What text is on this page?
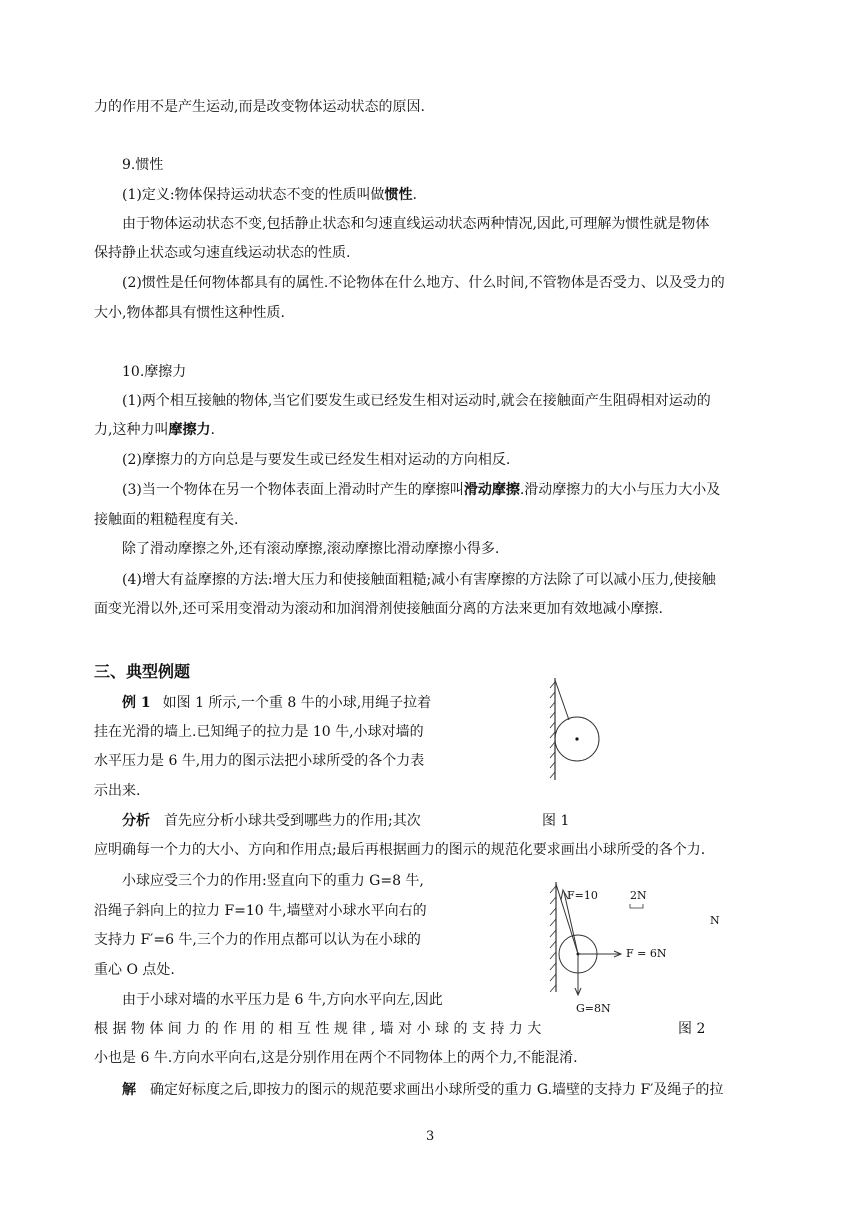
力的作用不是产生运动,而是改变物体运动状态的原因.
9.惯性
(1)定义:物体保持运动状态不变的性质叫做惯性.
由于物体运动状态不变,包括静止状态和匀速直线运动状态两种情况,因此,可理解为惯性就是物体
保持静止状态或匀速直线运动状态的性质.
(2)惯性是任何物体都具有的属性.不论物体在什么地方、什么时间,不管物体是否受力、以及受力的
大小,物体都具有惯性这种性质.
10.摩擦力
(1)两个相互接触的物体,当它们要发生或已经发生相对运动时,就会在接触面产生阻碍相对运动的
力,这种力叫摩擦力.
(2)摩擦力的方向总是与要发生或已经发生相对运动的方向相反.
(3)当一个物体在另一个物体表面上滑动时产生的摩擦叫滑动摩擦.滑动摩擦力的大小与压力大小及
接触面的粗糙程度有关.
除了滑动摩擦之外,还有滚动摩擦,滚动摩擦比滑动摩擦小得多.
(4)增大有益摩擦的方法:增大压力和使接触面粗糙;减小有害摩擦的方法除了可以减小压力,使接触
面变光滑以外,还可采用变滑动为滚动和加润滑剂使接触面分离的方法来更加有效地减小摩擦.
三、典型例题
例 1 如图 1 所示,一个重 8 牛的小球,用绳子拉着
挂在光滑的墙上.已知绳子的拉力是 10 牛,小球对墙的
水平压力是 6 牛,用力的图示法把小球所受的各个力表
示出来.
分析 首先应分析小球共受到哪些力的作用;其次	图 1
应明确每一个力的大小、方向和作用点;最后再根据画力的图示的规范化要求画出小球所受的各个力.
小球应受三个力的作用:竖直向下的重力 G=8 牛,
沿绳子斜向上的拉力 F=10 牛,墙壁对小球水平向右的
支持力 F′=6 牛,三个力的作用点都可以认为在小球的
重心 O 点处.
由于小球对墙的水平压力是 6 牛,方向水平向左,因此
根 据 物 体 间 力 的 作 用 的 相 互 性 规 律 , 墙 对 小 球 的 支 持 力 大	图 2
小也是 6 牛.方向水平向右,这是分别作用在两个不同物体上的两个力,不能混淆.
解 确定好标度之后,即按力的图示的规范要求画出小球所受的重力 G.墙壁的支持力 F′及绳子的拉
F=10	2N
N
F = 6N
G=8N
3
